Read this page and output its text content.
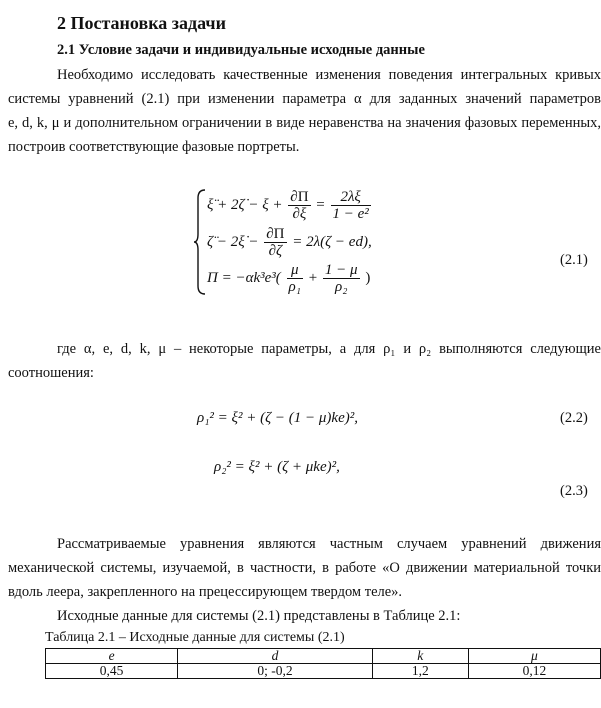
2 Постановка задачи
2.1 Условие задачи и индивидуальные исходные данные
Необходимо исследовать качественные изменения поведения интегральных кривых
системы уравнений (2.1) при изменении параметра α для заданных значений параметров
e, d, k, μ и дополнительном ограничении в виде неравенства на значения фазовых переменных,
построив соответствующие фазовые портреты.
ξ̈ + 2ζ̇ − $\xi + \frac{\partial\Pi}{\partial\xi} = \frac{2\lambda\xi}{\text{1 − e²}}$
ζ̈ − 2ξ̇ − $\frac{\partial\Pi}{\partial\zeta} = 2\lambda(\zeta - ed)$,
$\Pi = -\alpha k^3e^3( \frac{\mu}{\text{ρ₁}} + \frac{1 - \mu}{\text{ρ₂}}$ )
(2.1)
где α, e, d, k, μ – некоторые параметры, а для ρ₁ и ρ₂ выполняются следующие
соотношения:
ρ₁² = ξ² + (ζ − (1 − μ)ke)²,	(2.2)
ρ₂² = ξ² + (ζ + μke)²,
(2.3)
Рассматриваемые уравнения являются частным случаем уравнений движения
механической системы, изучаемой, в частности, в работе «О движении материальной точки
вдоль леера, закрепленного на прецессирующем твердом теле».
Исходные данные для системы (2.1) представлены в Таблице 2.1:
Таблица 2.1 – Исходные данные для системы (2.1)
e	d	k	μ
0,45	0; -0,2	1,2	0,12
